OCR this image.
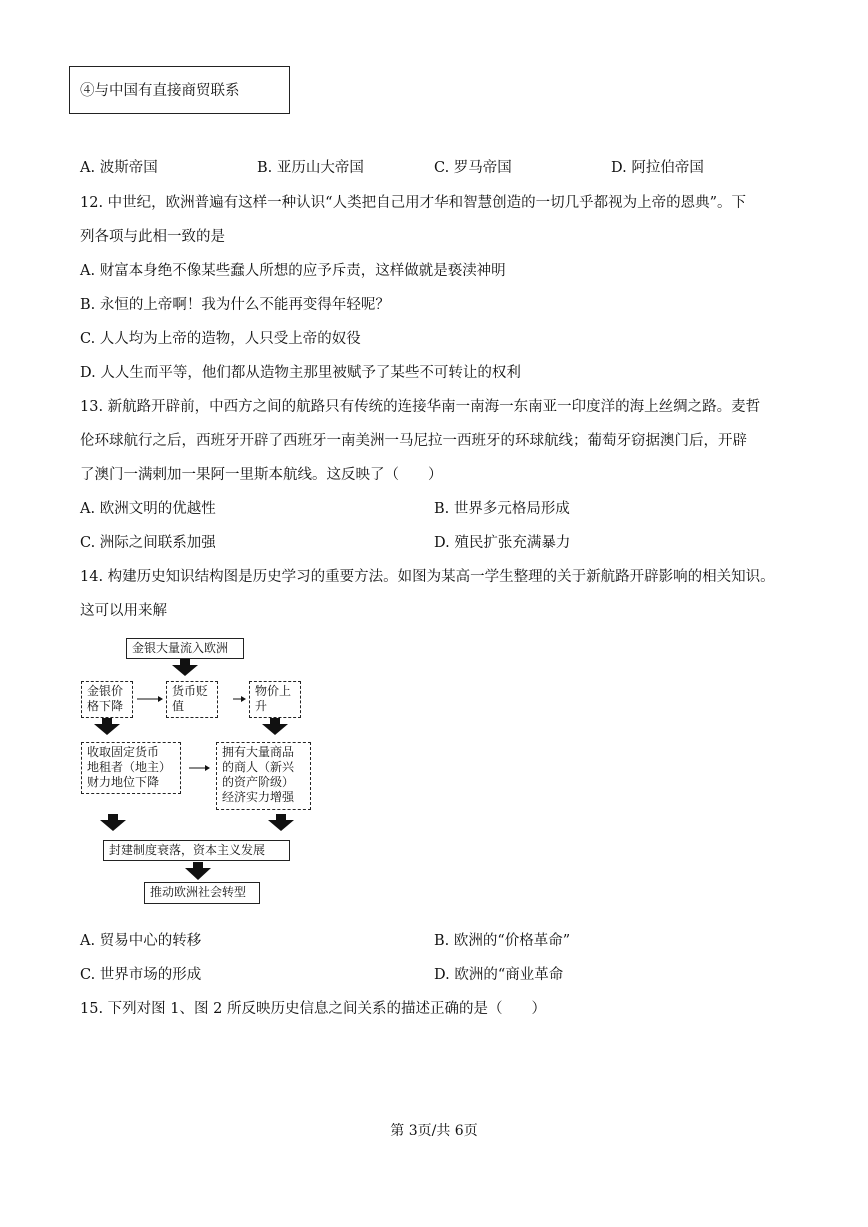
④与中国有直接商贸联系
A. 波斯帝国	B. 亚历山大帝国	C. 罗马帝国	D. 阿拉伯帝国
12. 中世纪，欧洲普遍有这样一种认识“人类把自己用才华和智慧创造的一切几乎都视为上帝的恩典”。下
列各项与此相一致的是
A. 财富本身绝不像某些蠢人所想的应予斥责，这样做就是亵渎神明
B. 永恒的上帝啊！我为什么不能再变得年轻呢？
C. 人人均为上帝的造物，人只受上帝的奴役
D. 人人生而平等，他们都从造物主那里被赋予了某些不可转让的权利
13. 新航路开辟前，中西方之间的航路只有传统的连接华南一南海一东南亚一印度洋的海上丝绸之路。麦哲
伦环球航行之后，西班牙开辟了西班牙一南美洲一马尼拉一西班牙的环球航线；葡萄牙窃据澳门后，开辟
了澳门一满剌加一果阿一里斯本航线。这反映了（　　）
A. 欧洲文明的优越性	B. 世界多元格局形成
C. 洲际之间联系加强	D. 殖民扩张充满暴力
14. 构建历史知识结构图是历史学习的重要方法。如图为某高一学生整理的关于新航路开辟影响的相关知识。
这可以用来解
金银大量流入欧洲
金银价
格下降
货币贬
值
物价上
升
收取固定货币
地租者（地主）
财力地位下降
拥有大量商品
的商人（新兴
的资产阶级）
经济实力增强
封建制度衰落，资本主义发展
推动欧洲社会转型
A. 贸易中心的转移	B. 欧洲的“价格革命”
C. 世界市场的形成	D. 欧洲的“商业革命
15. 下列对图 1、图 2 所反映历史信息之间关系的描述正确的是（　　）
第 3页/共 6页
